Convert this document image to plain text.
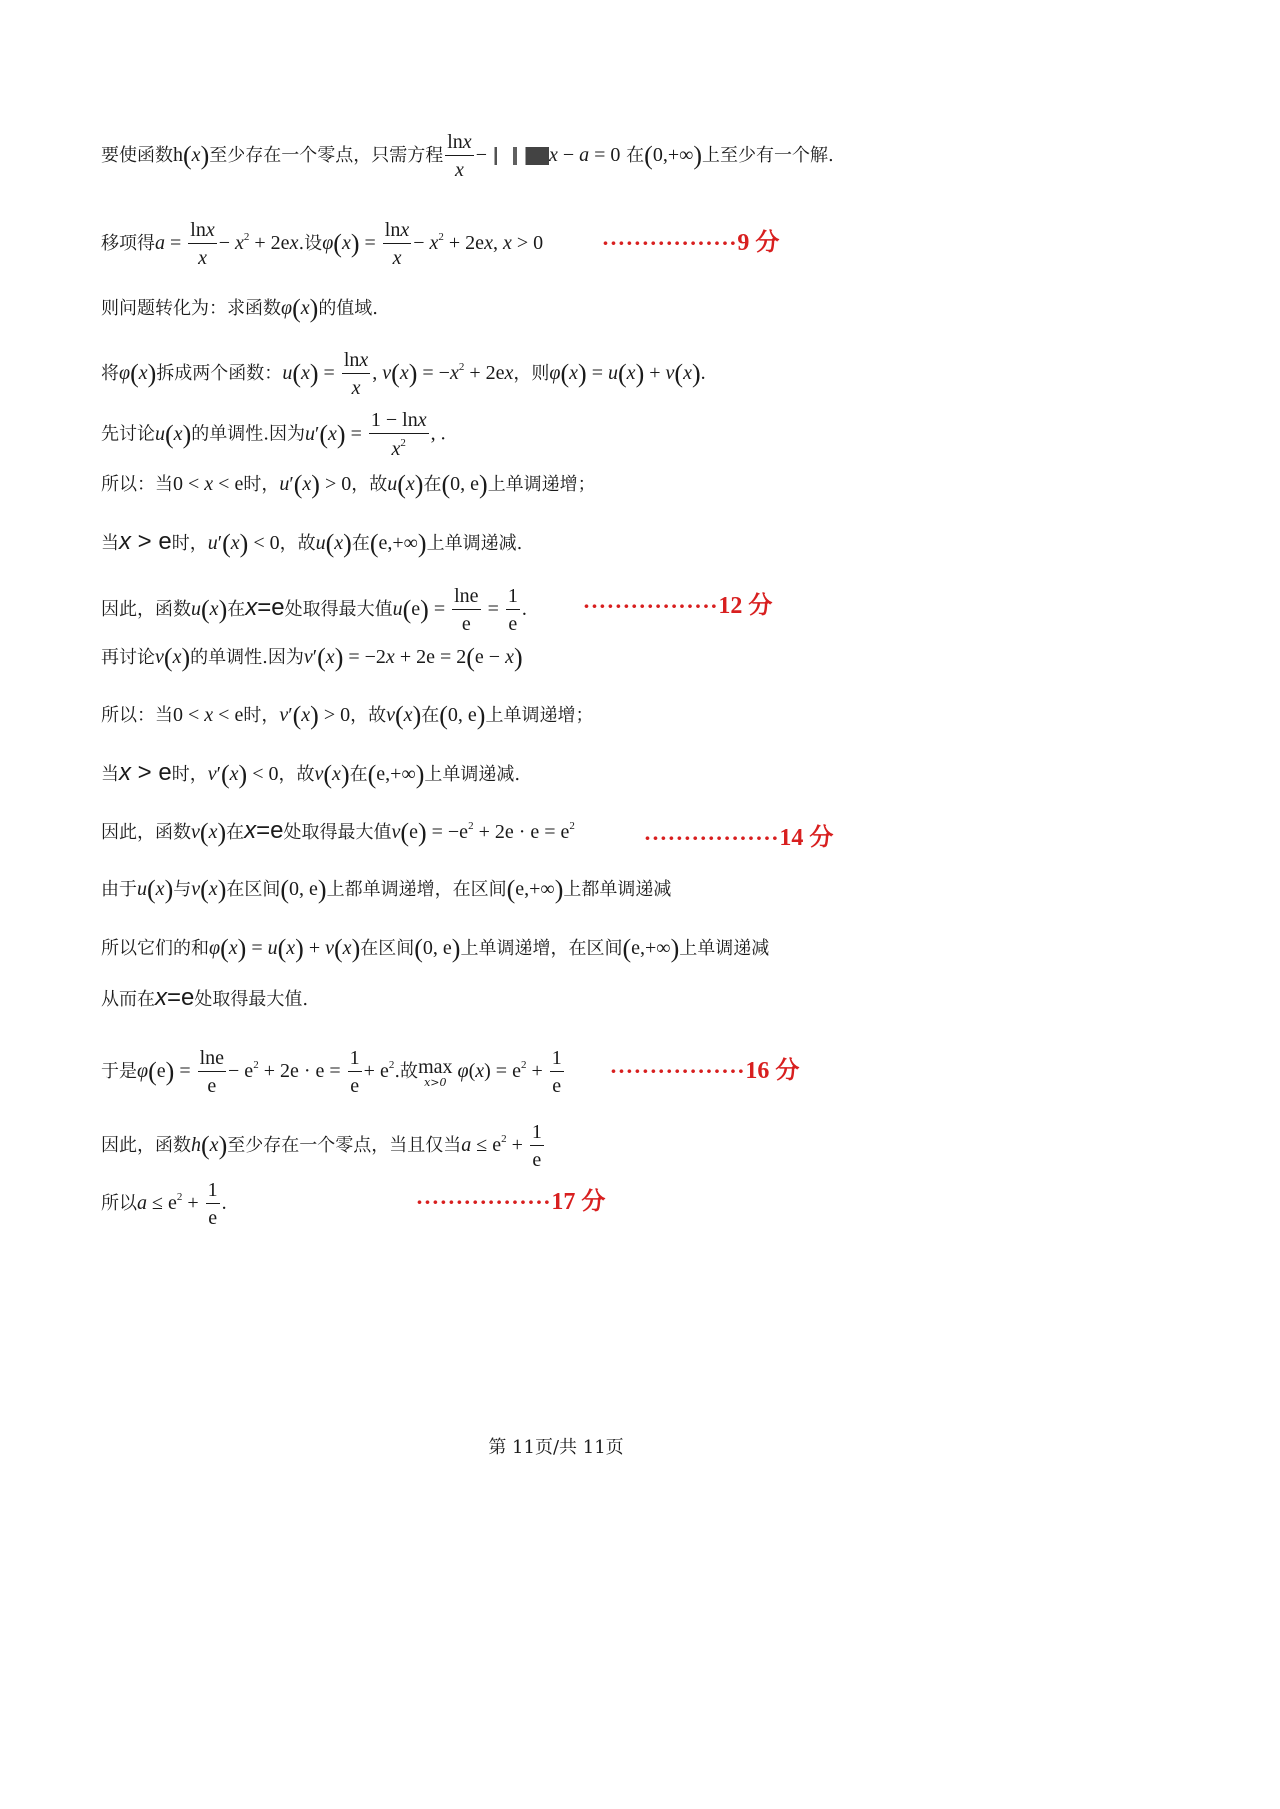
要使函数h(x)至少存在一个零点，只需方程 $\frac{\ln x}{x}$ −	x − a = 0 在(0,+∞)上至少有一个解.
移项得$a = \frac{\ln x}{x} - x^2 + 2ex$.设$\varphi(x) = \frac{\ln x}{x} - x^2 + 2ex$, x > 0
则问题转化为：求函数φ(x)的值域.
将φ(x)拆成两个函数：$u(x) = \frac{\ln x}{x}$ , $v(x) = -x^2 + 2ex$，则φ(x) = u(x) + v(x).
先讨论u(x)的单调性.因为$u'(x) = \frac{1 - \ln x}{x^2}$ , .
所以：当0 < x < e时，u′(x) > 0，故u(x)在(0, e)上单调递增；
当x > e时，u′(x) < 0，故u(x)在(e,+∞)上单调递减.
因此，函数u(x)在x=e处取得最大值$u(e) = \frac{\ln e}{e} = \frac{1}{e}$ .
再讨论v(x)的单调性.因为v′(x) = −2x + 2e = 2(e − x)
所以：当0 < x < e时，v′(x) > 0，故v(x)在(0, e)上单调递增；
当x > e时，v′(x) < 0，故v(x)在(e,+∞)上单调递减.
因此，函数v(x)在x=e处取得最大值$v(e) = -e^2 + 2e \cdot e = e^2$
由于u(x)与v(x)在区间(0, e)上都单调递增，在区间(e,+∞)上都单调递减
所以它们的和φ(x) = u(x) + v(x)在区间(0, e)上单调递增，在区间(e,+∞)上单调递减
从而在x=e处取得最大值.
于是$\varphi(e) = \frac{\ln e}{e} - e^2 + 2e \cdot e = \frac{1}{e} + e^2$.故 max
x>0 $\varphi(x) = e^2 + \frac{1}{e}$
因此，函数h(x)至少存在一个零点，当且仅当$a \le e^2 + \frac{1}{e}$
所以$a \le e^2 + \frac{1}{e}$ .
·················9 分
·················12 分
·················14 分
·················16 分
·················17 分
第 11页/共 11页
